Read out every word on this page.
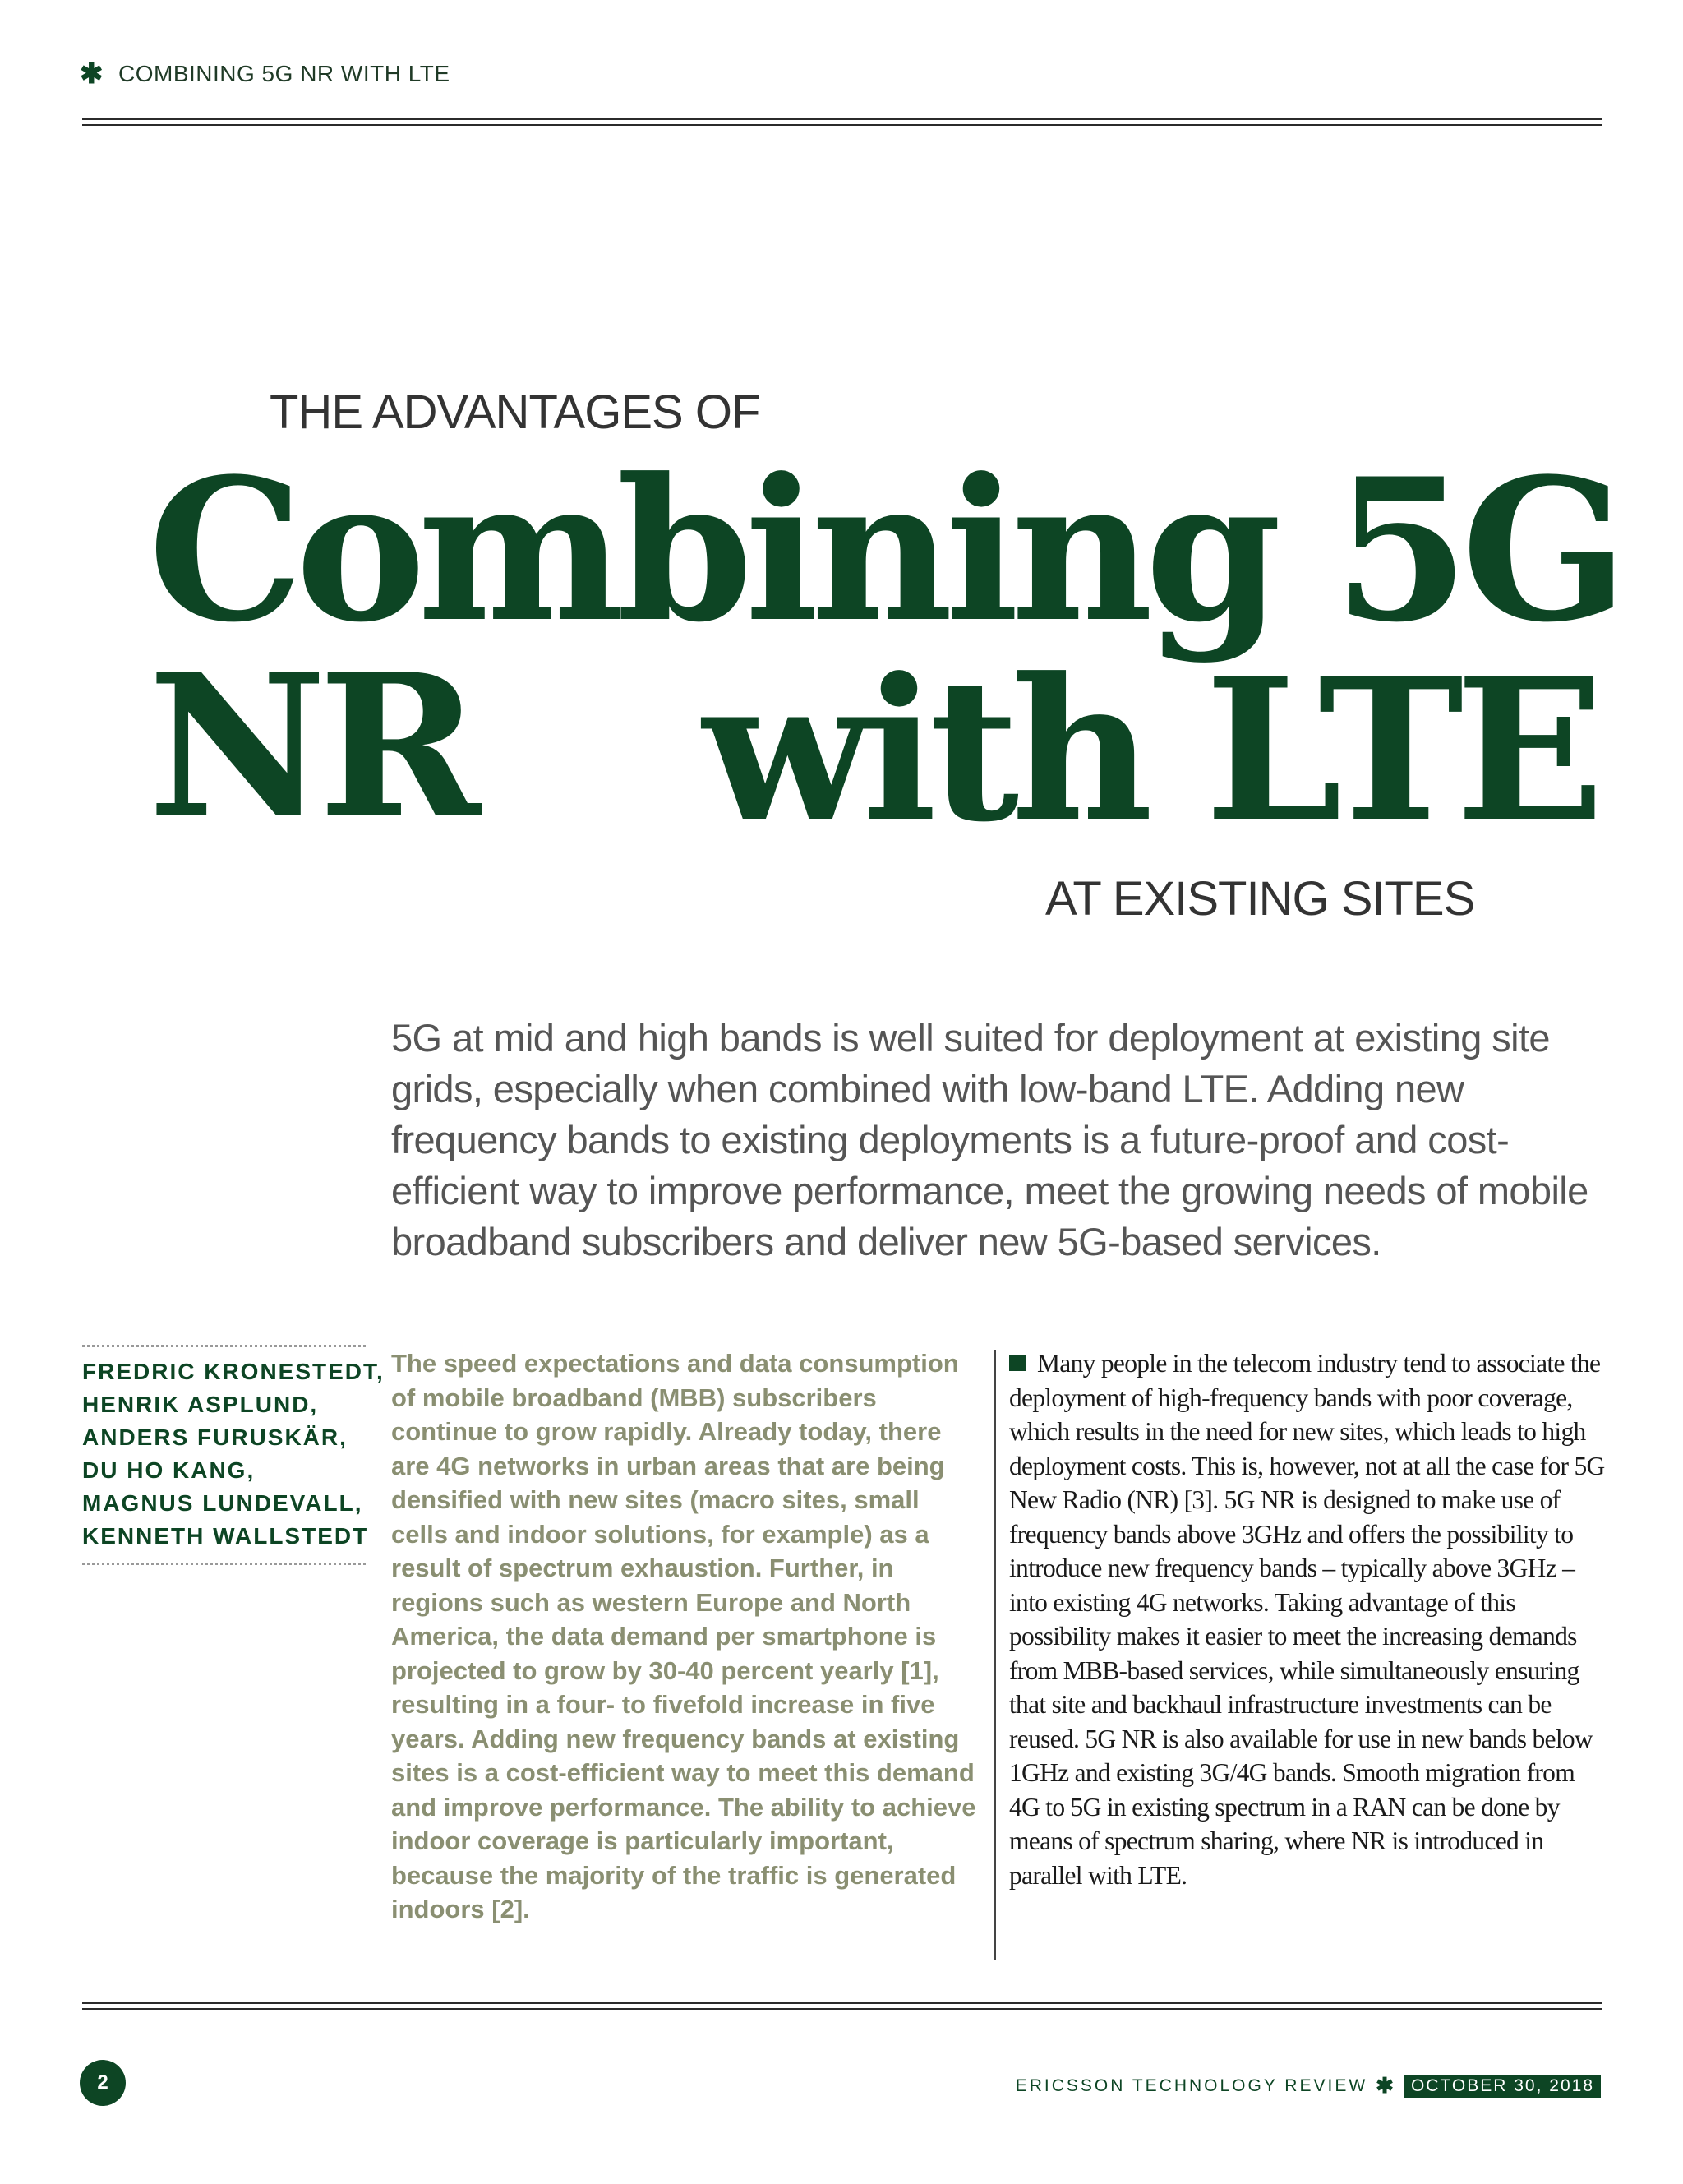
✱ COMBINING 5G NR WITH LTE
THE ADVANTAGES OF
Combining 5G NR	with LTE
AT EXISTING SITES

5G at mid and high bands is well suited for deployment at existing site grids, especially when combined with low-band LTE. Adding new frequency bands to existing deployments is a future-proof and cost-efficient way to improve performance, meet the growing needs of mobile broadband subscribers and deliver new 5G-based services.

FREDRIC KRONESTEDT,
HENRIK ASPLUND,
ANDERS FURUSKÄR,
DU HO KANG,
MAGNUS LUNDEVALL,
KENNETH WALLSTEDT

The speed expectations and data consumption of mobile broadband (MBB) subscribers continue to grow rapidly. Already today, there are 4G networks in urban areas that are being densified with new sites (macro sites, small cells and indoor solutions, for example) as a result of spectrum exhaustion. Further, in regions such as western Europe and North America, the data demand per smartphone is projected to grow by 30-40 percent yearly [1], resulting in a four- to fivefold increase in five years. Adding new frequency bands at existing sites is a cost-efficient way to meet this demand and improve performance. The ability to achieve indoor coverage is particularly important, because the majority of the traffic is generated indoors [2].

Many people in the telecom industry tend to associate the deployment of high-frequency bands with poor coverage, which results in the need for new sites, which leads to high deployment costs. This is, however, not at all the case for 5G New Radio (NR) [3]. 5G NR is designed to make use of frequency bands above 3GHz and offers the possibility to introduce new frequency bands – typically above 3GHz – into existing 4G networks. Taking advantage of this possibility makes it easier to meet the increasing demands from MBB-based services, while simultaneously ensuring that site and backhaul infrastructure investments can be reused. 5G NR is also available for use in new bands below 1GHz and existing 3G/4G bands. Smooth migration from 4G to 5G in existing spectrum in a RAN can be done by means of spectrum sharing, where NR is introduced in parallel with LTE.

2	ERICSSON TECHNOLOGY REVIEW ✱ OCTOBER 30, 2018
